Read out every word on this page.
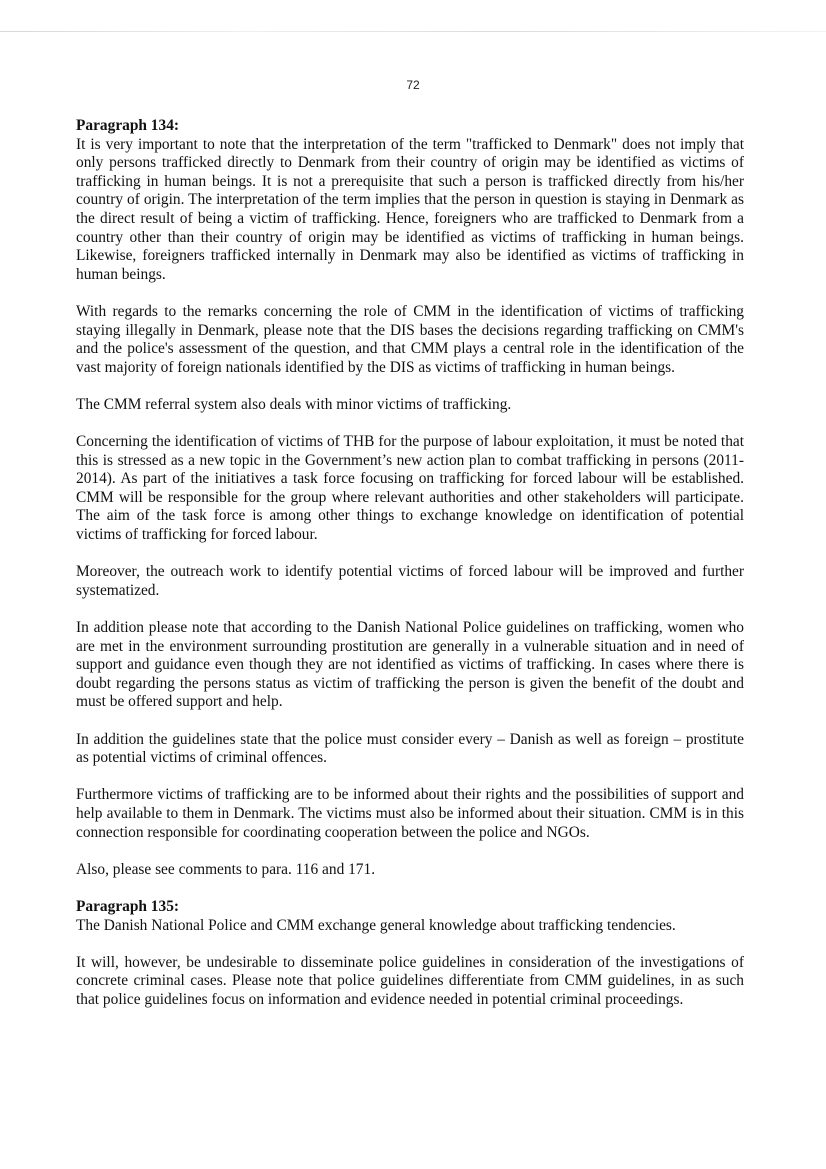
72

Paragraph 134:

It is very important to note that the interpretation of the term "trafficked to Denmark" does not imply that only persons trafficked directly to Denmark from their country of origin may be identified as victims of trafficking in human beings. It is not a prerequisite that such a person is trafficked directly from his/her country of origin. The interpretation of the term implies that the person in question is staying in Denmark as the direct result of being a victim of trafficking. Hence, foreigners who are trafficked to Denmark from a country other than their country of origin may be identified as victims of trafficking in human beings. Likewise, foreigners trafficked internally in Denmark may also be identified as victims of trafficking in human beings.

With regards to the remarks concerning the role of CMM in the identification of victims of trafficking staying illegally in Denmark, please note that the DIS bases the decisions regarding trafficking on CMM's and the police's assessment of the question, and that CMM plays a central role in the identification of the vast majority of foreign nationals identified by the DIS as victims of trafficking in human beings.

The CMM referral system also deals with minor victims of trafficking.

Concerning the identification of victims of THB for the purpose of labour exploitation, it must be noted that this is stressed as a new topic in the Government’s new action plan to combat trafficking in persons (2011-2014). As part of the initiatives a task force focusing on trafficking for forced labour will be established. CMM will be responsible for the group where relevant authorities and other stakeholders will participate. The aim of the task force is among other things to exchange knowledge on identification of potential victims of trafficking for forced labour.

Moreover, the outreach work to identify potential victims of forced labour will be improved and further systematized.

In addition please note that according to the Danish National Police guidelines on trafficking, women who are met in the environment surrounding prostitution are generally in a vulnerable situation and in need of support and guidance even though they are not identified as victims of trafficking. In cases where there is doubt regarding the persons status as victim of trafficking the person is given the benefit of the doubt and must be offered support and help.

In addition the guidelines state that the police must consider every – Danish as well as foreign – prostitute as potential victims of criminal offences.

Furthermore victims of trafficking are to be informed about their rights and the possibilities of support and help available to them in Denmark. The victims must also be informed about their situation. CMM is in this connection responsible for coordinating cooperation between the police and NGOs.

Also, please see comments to para. 116 and 171.

Paragraph 135:

The Danish National Police and CMM exchange general knowledge about trafficking tendencies.

It will, however, be undesirable to disseminate police guidelines in consideration of the investigations of concrete criminal cases. Please note that police guidelines differentiate from CMM guidelines, in as such that police guidelines focus on information and evidence needed in potential criminal proceedings.
